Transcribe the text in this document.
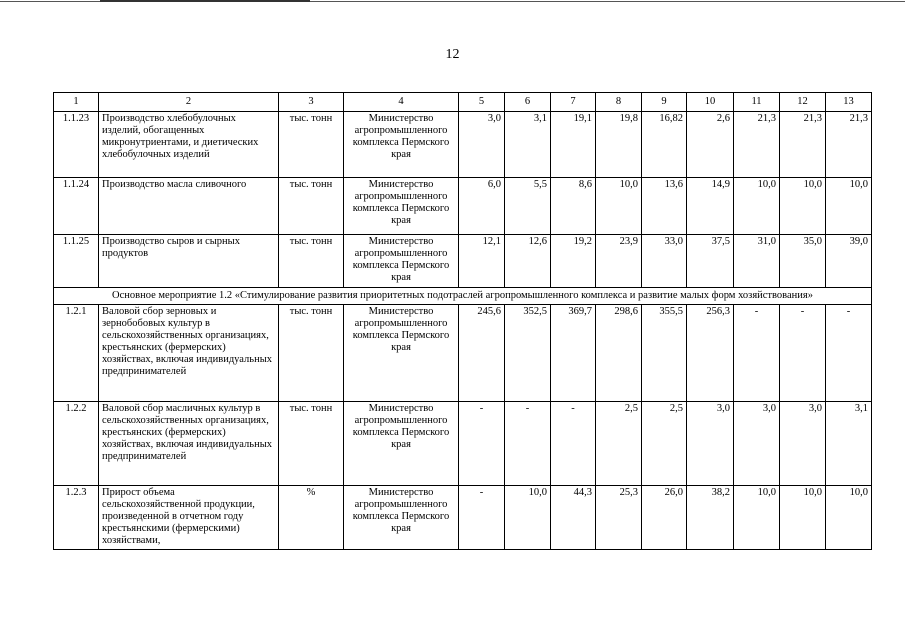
12
1	2	3	4	5	6	7	8	9	10	11	12	13
1.1.23	Производство хлебобулочных изделий, обогащенных микронутриентами, и диетических хлебобулочных изделий	тыс. тонн	Министерство агропромышленного комплекса Пермского края	3,0	3,1	19,1	19,8	16,82	2,6	21,3	21,3	21,3
1.1.24	Производство масла сливочного	тыс. тонн	Министерство агропромышленного комплекса Пермского края	6,0	5,5	8,6	10,0	13,6	14,9	10,0	10,0	10,0
1.1.25	Производство сыров и сырных продуктов	тыс. тонн	Министерство агропромышленного комплекса Пермского края	12,1	12,6	19,2	23,9	33,0	37,5	31,0	35,0	39,0
Основное мероприятие 1.2 «Стимулирование развития приоритетных подотраслей агропромышленного комплекса и развитие малых форм хозяйствования»												
1.2.1	Валовой сбор зерновых и зернобобовых культур в сельскохозяйственных организациях, крестьянских (фермерских) хозяйствах, включая индивидуальных предпринимателей	тыс. тонн	Министерство агропромышленного комплекса Пермского края	245,6	352,5	369,7	298,6	355,5	256,3	-	-	-
1.2.2	Валовой сбор масличных культур в сельскохозяйственных организациях, крестьянских (фермерских) хозяйствах, включая индивидуальных предпринимателей	тыс. тонн	Министерство агропромышленного комплекса Пермского края	-	-	-	2,5	2,5	3,0	3,0	3,0	3,1
1.2.3	Прирост объема сельскохозяйственной продукции, произведенной в отчетном году крестьянскими (фермерскими) хозяйствами,	%	Министерство агропромышленного комплекса Пермского края	-	10,0	44,3	25,3	26,0	38,2	10,0	10,0	10,0
